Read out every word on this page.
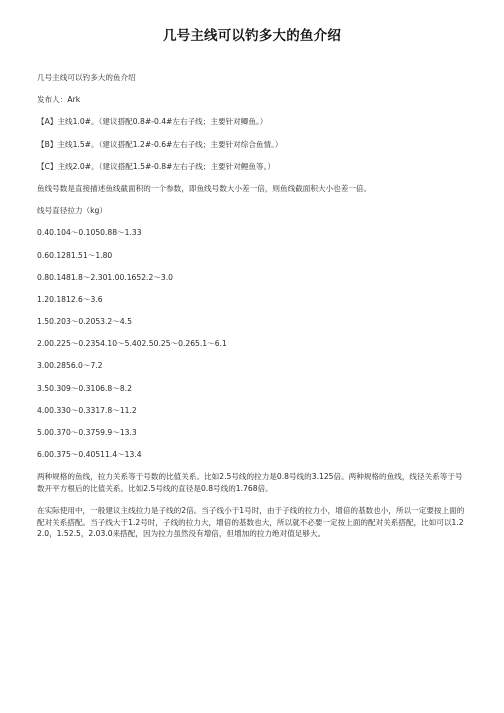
几号主线可以钓多大的鱼介绍

几号主线可以钓多大的鱼介绍

发布人：Ark

【A】主线1.0#。（建议搭配0.8#-0.4#左右子线；主要针对鲫鱼。）

【B】主线1.5#。（建议搭配1.2#-0.6#左右子线；主要针对综合鱼情。）

【C】主线2.0#。（建议搭配1.5#-0.8#左右子线；主要针对鲤鱼等。）

鱼线号数是直接描述鱼线截面积的一个参数，即鱼线号数大小差一倍，则鱼线截面积大小也差一倍。

线号直径拉力（kg）

0.40.104～0.1050.88～1.33

0.60.1281.51～1.80

0.80.1481.8～2.301.00.1652.2～3.0

1.20.1812.6～3.6

1.50.203～0.2053.2～4.5

2.00.225～0.2354.10～5.402.50.25～0.265.1～6.1

3.00.2856.0～7.2

3.50.309～0.3106.8～8.2

4.00.330～0.3317.8～11.2

5.00.370～0.3759.9～13.3

6.00.375～0.40511.4～13.4

两种规格的鱼线，拉力关系等于号数的比值关系。比如2.5号线的拉力是0.8号线的3.125倍。两种规格的鱼线，线径关系等于号数开平方根后的比值关系。比如2.5号线的直径是0.8号线的1.768倍。

在实际使用中，一般建议主线拉力是子线的2倍。当子线小于1号时，由于子线的拉力小，增倍的基数也小，所以一定要按上面的配对关系搭配。当子线大于1.2号时，子线的拉力大，增倍的基数也大，所以就不必要一定按上面的配对关系搭配，比如可以1.22.0，1.52.5，2.03.0来搭配，因为拉力虽然没有增倍，但增加的拉力绝对值足够大。
